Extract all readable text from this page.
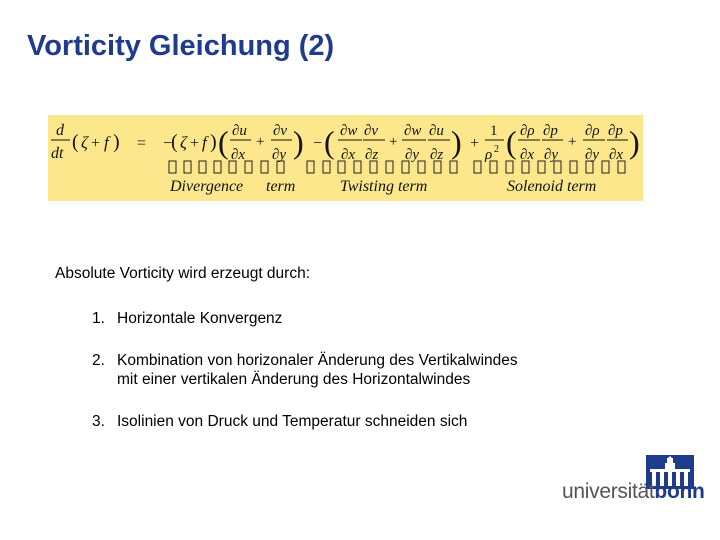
Vorticity Gleichung (2)
d
dt
( ζ + f ) = −
( ζ + f ) ( ∂u
∂x
+
∂v
∂y ) − ( ∂w
∂x
∂v
∂z
+
∂w
∂y
∂u
∂z ) +
1
ρ 2 ( ∂ρ
∂x
∂p
∂y
+
∂ρ
∂y
∂p
∂x )
Divergence term	Twisting term	Solenoid term
Absolute Vorticity wird erzeugt durch:
1. Horizontale Konvergenz
2. Kombination von horizonaler Änderung des Vertikalwindes
mit einer vertikalen Änderung des Horizontalwindes
3. Isolinien von Druck und Temperatur schneiden sich
universitätbonn
